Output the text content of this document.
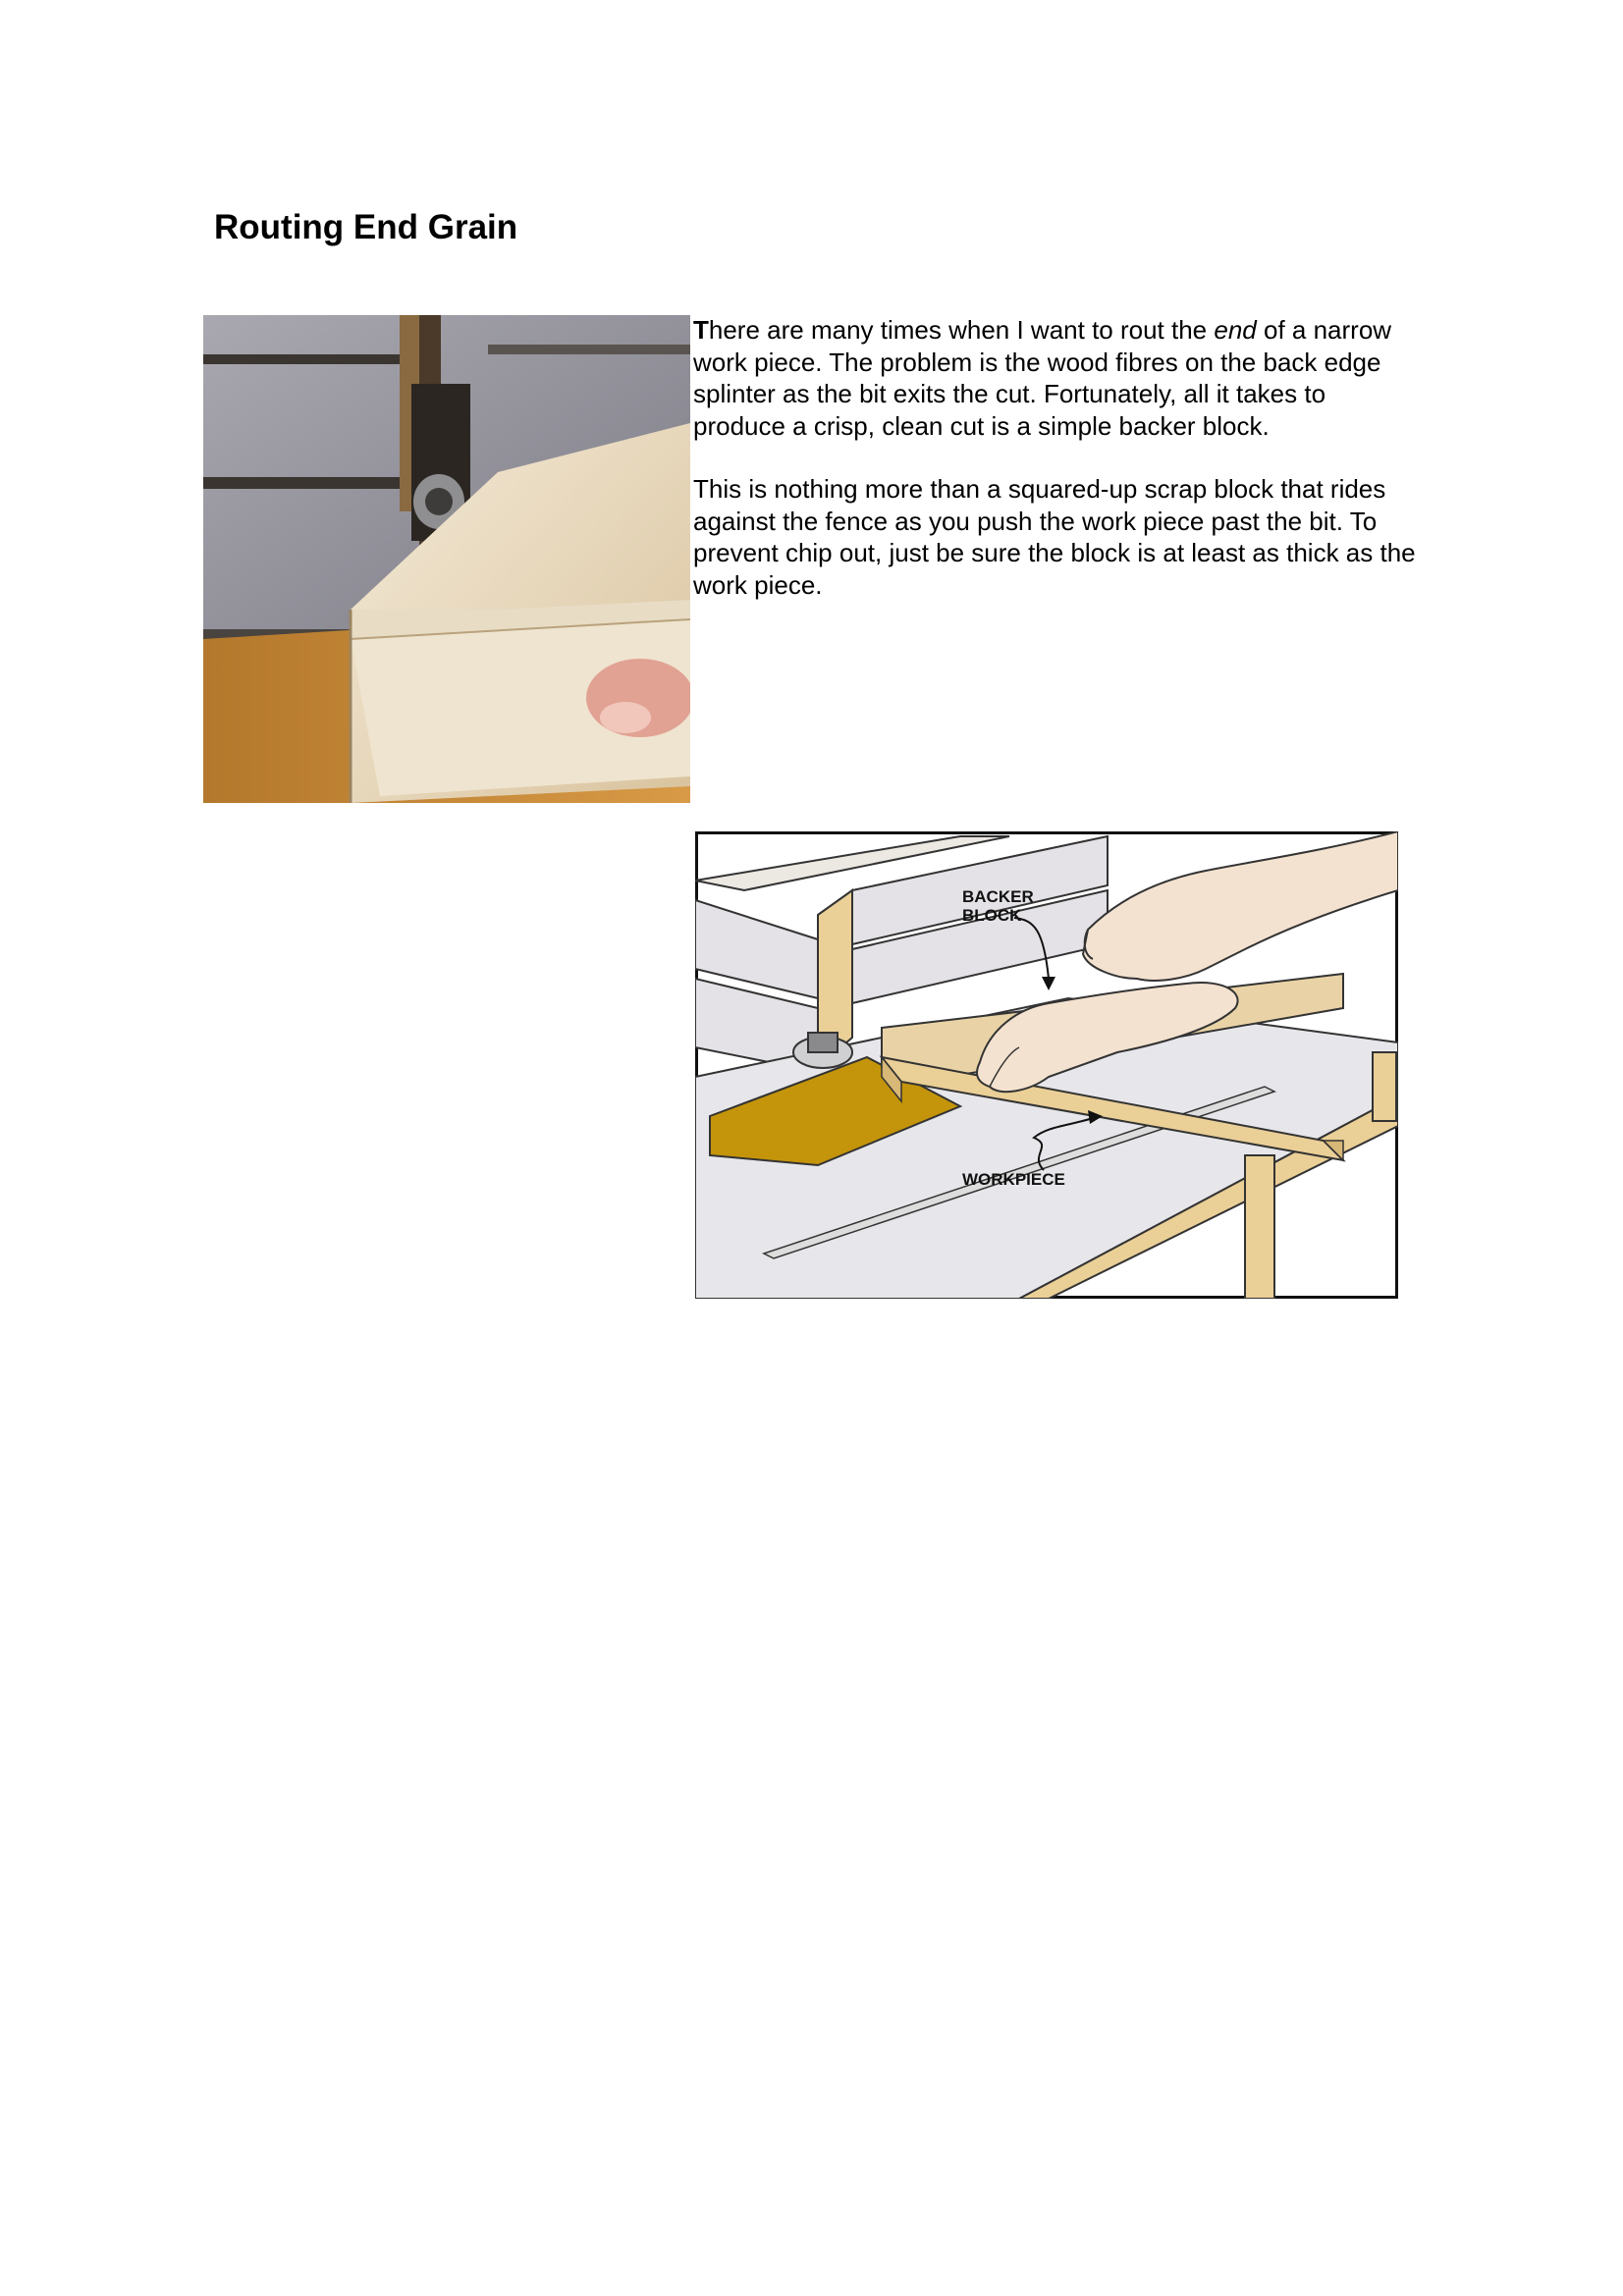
Routing End Grain

There are many times when I want to rout the end of a narrow work piece. The problem is the wood fibres on the back edge splinter as the bit exits the cut. Fortunately, all it takes to produce a crisp, clean cut is a simple backer block.

This is nothing more than a squared-up scrap block that rides against the fence as you push the work piece past the bit. To prevent chip out, just be sure the block is at least as thick as the work piece.

BACKER
BLOCK
WORKPIECE
